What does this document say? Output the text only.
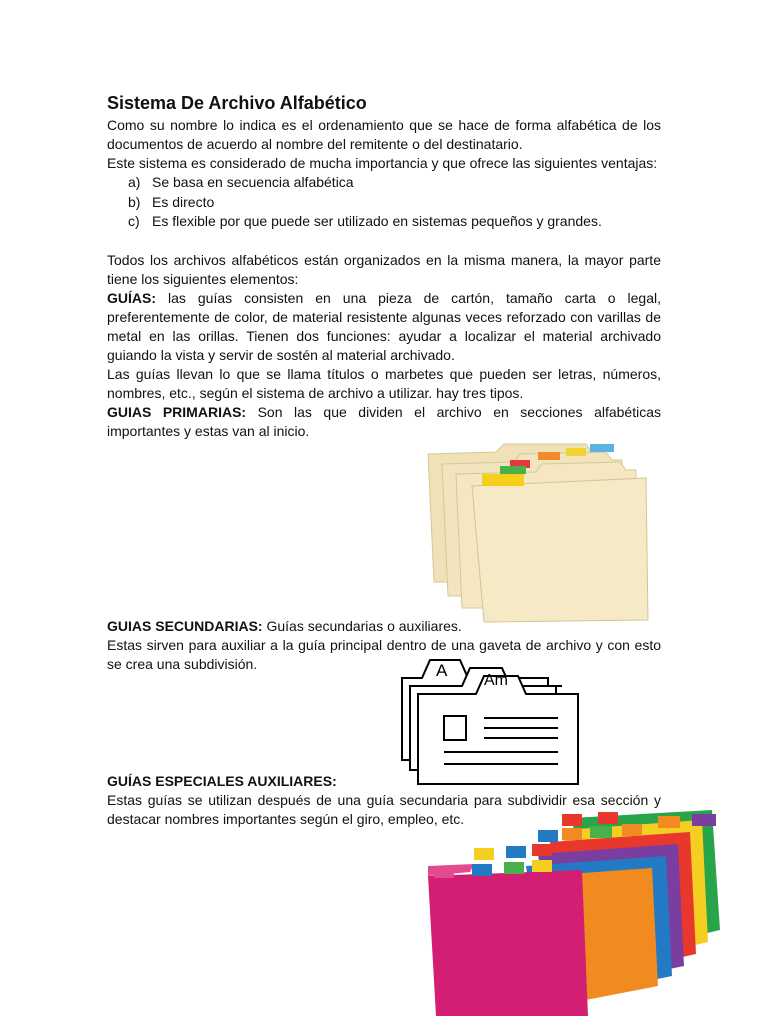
Sistema De Archivo Alfabético

Como su nombre lo indica es el ordenamiento que se hace de forma alfabética de los documentos de acuerdo al nombre del remitente o del destinatario.

Este sistema es considerado de mucha importancia y que ofrece las siguientes ventajas:

a) Se basa en secuencia alfabética
b) Es directo
c) Es flexible por que puede ser utilizado en sistemas pequeños y grandes.

Todos los archivos alfabéticos están organizados en la misma manera, la mayor parte tiene los siguientes elementos:

GUÍAS: las guías consisten en una pieza de cartón, tamaño carta o legal, preferentemente de color, de material resistente algunas veces reforzado con varillas de metal en las orillas. Tienen dos funciones: ayudar a localizar el material archivado guiando la vista y servir de sostén al material archivado.

Las guías llevan lo que se llama títulos o marbetes que pueden ser letras, números, nombres, etc., según el sistema de archivo a utilizar. hay tres tipos.

GUIAS PRIMARIAS: Son las que dividen el archivo en secciones alfabéticas importantes y estas van al inicio.

GUIAS SECUNDARIAS: Guías secundarias o auxiliares.

Estas sirven para auxiliar a la guía principal dentro de una gaveta de archivo y con esto se crea una subdivisión.	A
Am

GUÍAS ESPECIALES AUXILIARES:

Estas guías se utilizan después de una guía secundaria para subdividir esa sección y destacar nombres importantes según el giro, empleo, etc.
